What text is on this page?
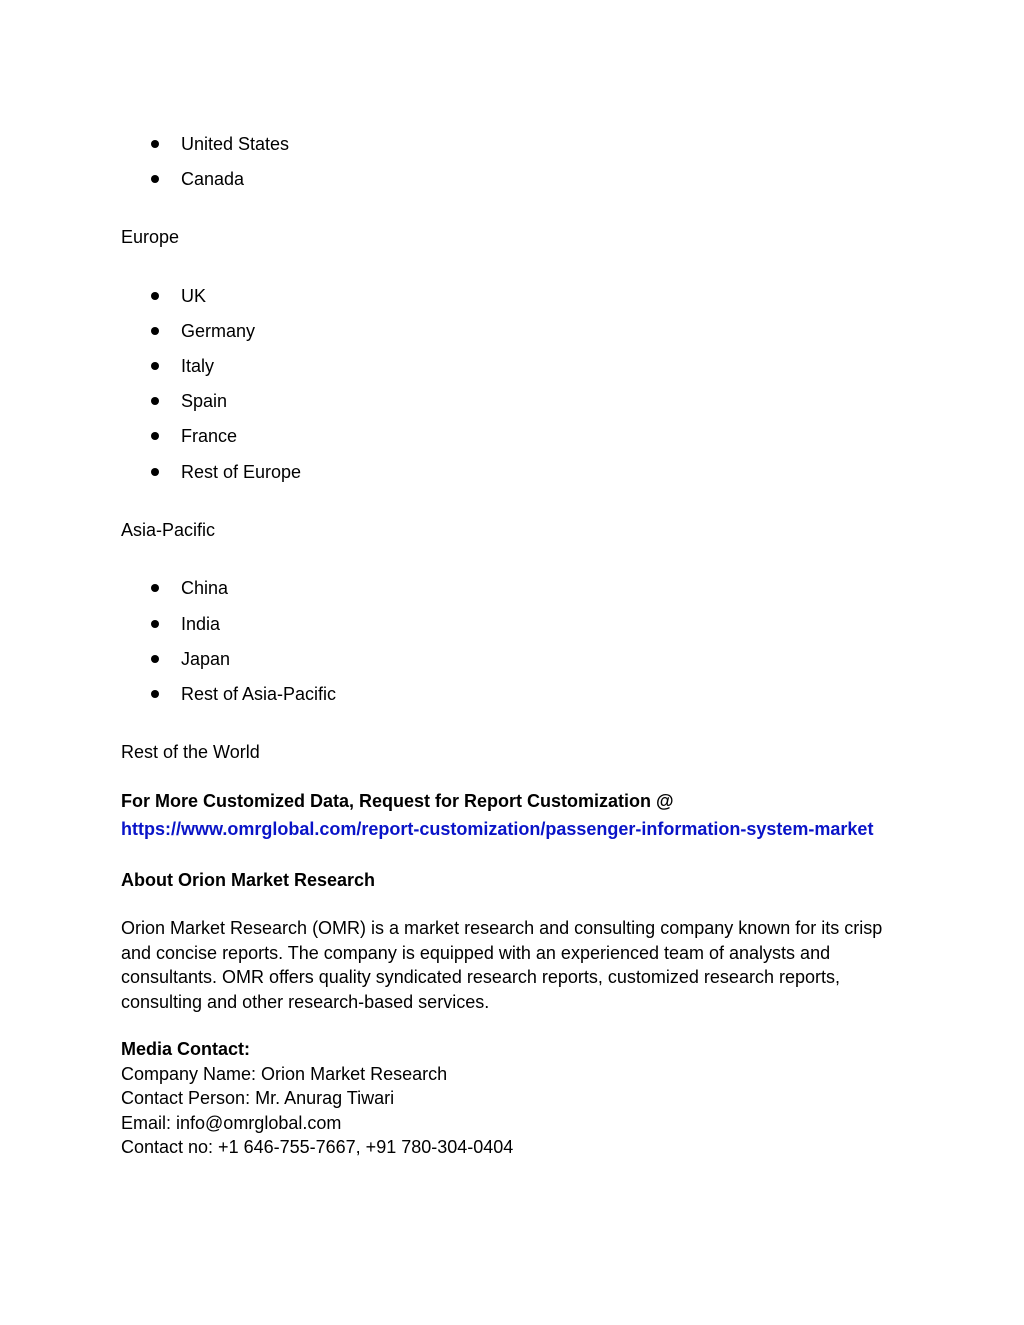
United States
Canada
Europe
UK
Germany
Italy
Spain
France
Rest of Europe
Asia-Pacific
China
India
Japan
Rest of Asia-Pacific
Rest of the World
For More Customized Data, Request for Report Customization @
https://www.omrglobal.com/report-customization/passenger-information-system-market
About Orion Market Research
Orion Market Research (OMR) is a market research and consulting company known for its crisp
and concise reports. The company is equipped with an experienced team of analysts and
consultants. OMR offers quality syndicated research reports, customized research reports,
consulting and other research-based services.
Media Contact:
Company Name: Orion Market Research
Contact Person: Mr. Anurag Tiwari
Email: info@omrglobal.com
Contact no: +1 646-755-7667, +91 780-304-0404
